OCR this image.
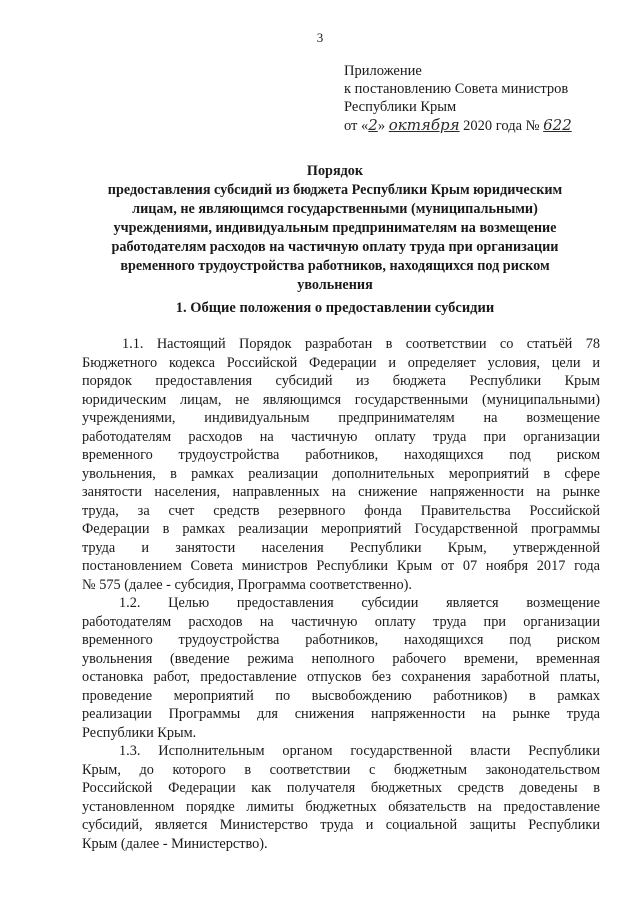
3
Приложение
к постановлению Совета министров
Республики Крым
от «2» октября 2020 года № 622
Порядок
предоставления субсидий из бюджета Республики Крым юридическим
лицам, не являющимся государственными (муниципальными)
учреждениями, индивидуальным предпринимателям на возмещение
работодателям расходов на частичную оплату труда при организации
временного трудоустройства работников, находящихся под риском
увольнения
1. Общие положения о предоставлении субсидии
1.1. Настоящий Порядок разработан в соответствии со статьёй 78
Бюджетного кодекса Российской Федерации и определяет условия, цели и
порядок предоставления субсидий из бюджета Республики Крым
юридическим лицам, не являющимся государственными (муниципальными)
учреждениями, индивидуальным предпринимателям на возмещение
работодателям расходов на частичную оплату труда при организации
временного трудоустройства работников, находящихся под риском
увольнения, в рамках реализации дополнительных мероприятий в сфере
занятости населения, направленных на снижение напряженности на рынке
труда, за счет средств резервного фонда Правительства Российской
Федерации в рамках реализации мероприятий Государственной программы
труда и занятости населения Республики Крым, утвержденной
постановлением Совета министров Республики Крым от 07 ноября 2017 года
№ 575 (далее - субсидия, Программа соответственно).
1.2. Целью предоставления субсидии является возмещение
работодателям расходов на частичную оплату труда при организации
временного трудоустройства работников, находящихся под риском
увольнения (введение режима неполного рабочего времени, временная
остановка работ, предоставление отпусков без сохранения заработной платы,
проведение мероприятий по высвобождению работников) в рамках
реализации Программы для снижения напряженности на рынке труда
Республики Крым.
1.3. Исполнительным органом государственной власти Республики
Крым, до которого в соответствии с бюджетным законодательством
Российской Федерации как получателя бюджетных средств доведены в
установленном порядке лимиты бюджетных обязательств на предоставление
субсидий, является Министерство труда и социальной защиты Республики
Крым (далее - Министерство).
